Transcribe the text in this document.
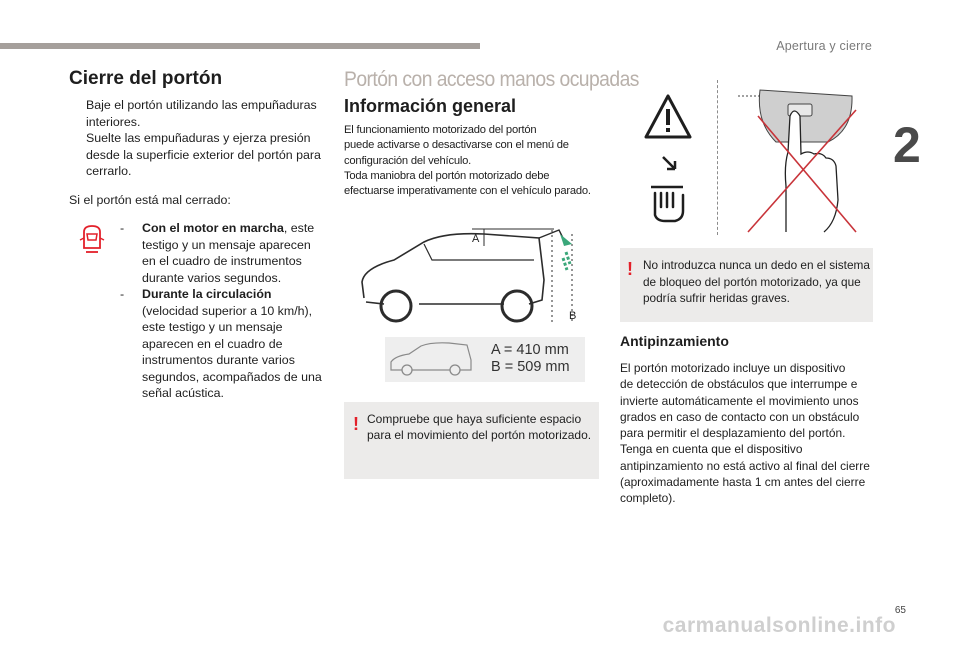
Apertura y cierre
2
Cierre del portón
Baje el portón utilizando las empuñaduras
interiores.
Suelte las empuñaduras y ejerza presión
desde la superficie exterior del portón para
cerrarlo.
Si el portón está mal cerrado:
- Con el motor en marcha, este
testigo y un mensaje aparecen
en el cuadro de instrumentos
durante varios segundos.
- Durante la circulación
(velocidad superior a 10 km/h),
este testigo y un mensaje
aparecen en el cuadro de
instrumentos durante varios
segundos, acompañados de una
señal acústica.
Portón con acceso manos ocupadas
Información general
El funcionamiento motorizado del portón
puede activarse o desactivarse con el menú de
configuración del vehículo.
Toda maniobra del portón motorizado debe
efectuarse imperativamente con el vehículo parado.
A
B
A = 410 mm
B = 509 mm
! Compruebe que haya suficiente espacio
para el movimiento del portón motorizado.
! No introduzca nunca un dedo en el sistema
de bloqueo del portón motorizado, ya que
podría sufrir heridas graves.
Antipinzamiento
El portón motorizado incluye un dispositivo
de detección de obstáculos que interrumpe e
invierte automáticamente el movimiento unos
grados en caso de contacto con un obstáculo
para permitir el desplazamiento del portón.
Tenga en cuenta que el dispositivo
antipinzamiento no está activo al final del cierre
(aproximadamente hasta 1 cm antes del cierre
completo).
65
carmanualsonline.info
